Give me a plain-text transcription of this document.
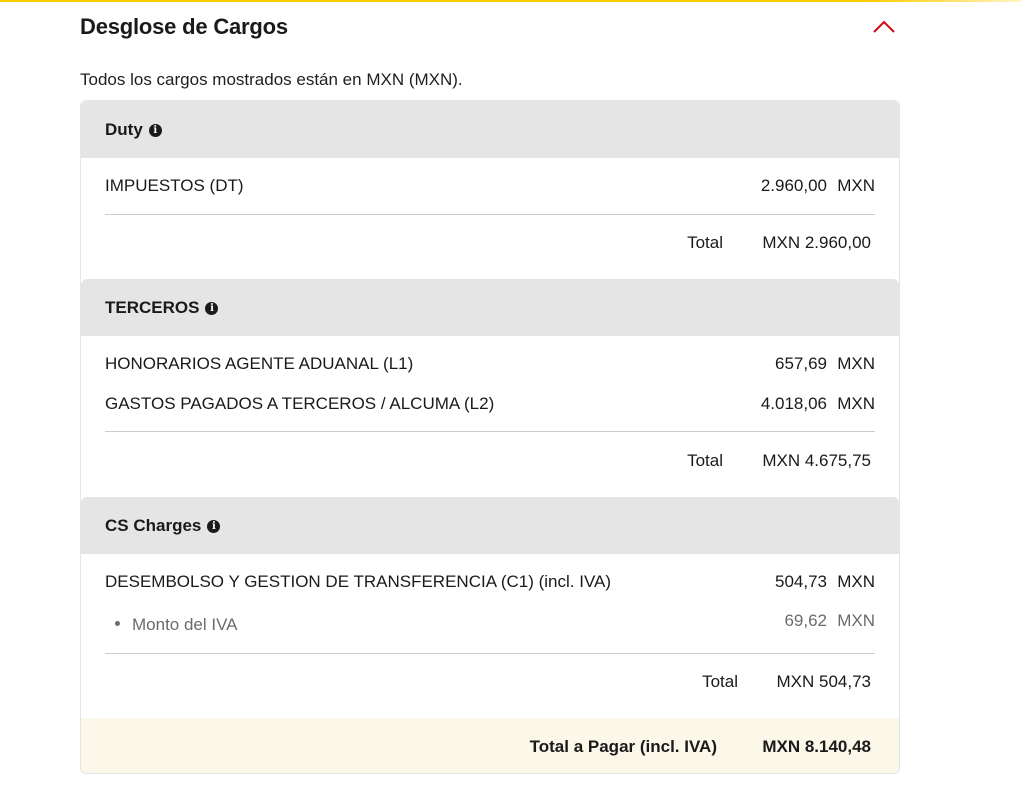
Desglose de Cargos
Todos los cargos mostrados están en MXN (MXN).
Duty i
IMPUESTOS (DT)	2.960,00 MXN
Total MXN 2.960,00
TERCEROS i
HONORARIOS AGENTE ADUANAL (L1)	657,69 MXN
GASTOS PAGADOS A TERCEROS / ALCUMA (L2)	4.018,06 MXN
Total MXN 4.675,75
CS Charges i
DESEMBOLSO Y GESTION DE TRANSFERENCIA (C1) (incl. IVA)	504,73 MXN
Monto del IVA	69,62 MXN
Total MXN 504,73
Total a Pagar (incl. IVA)	MXN 8.140,48
